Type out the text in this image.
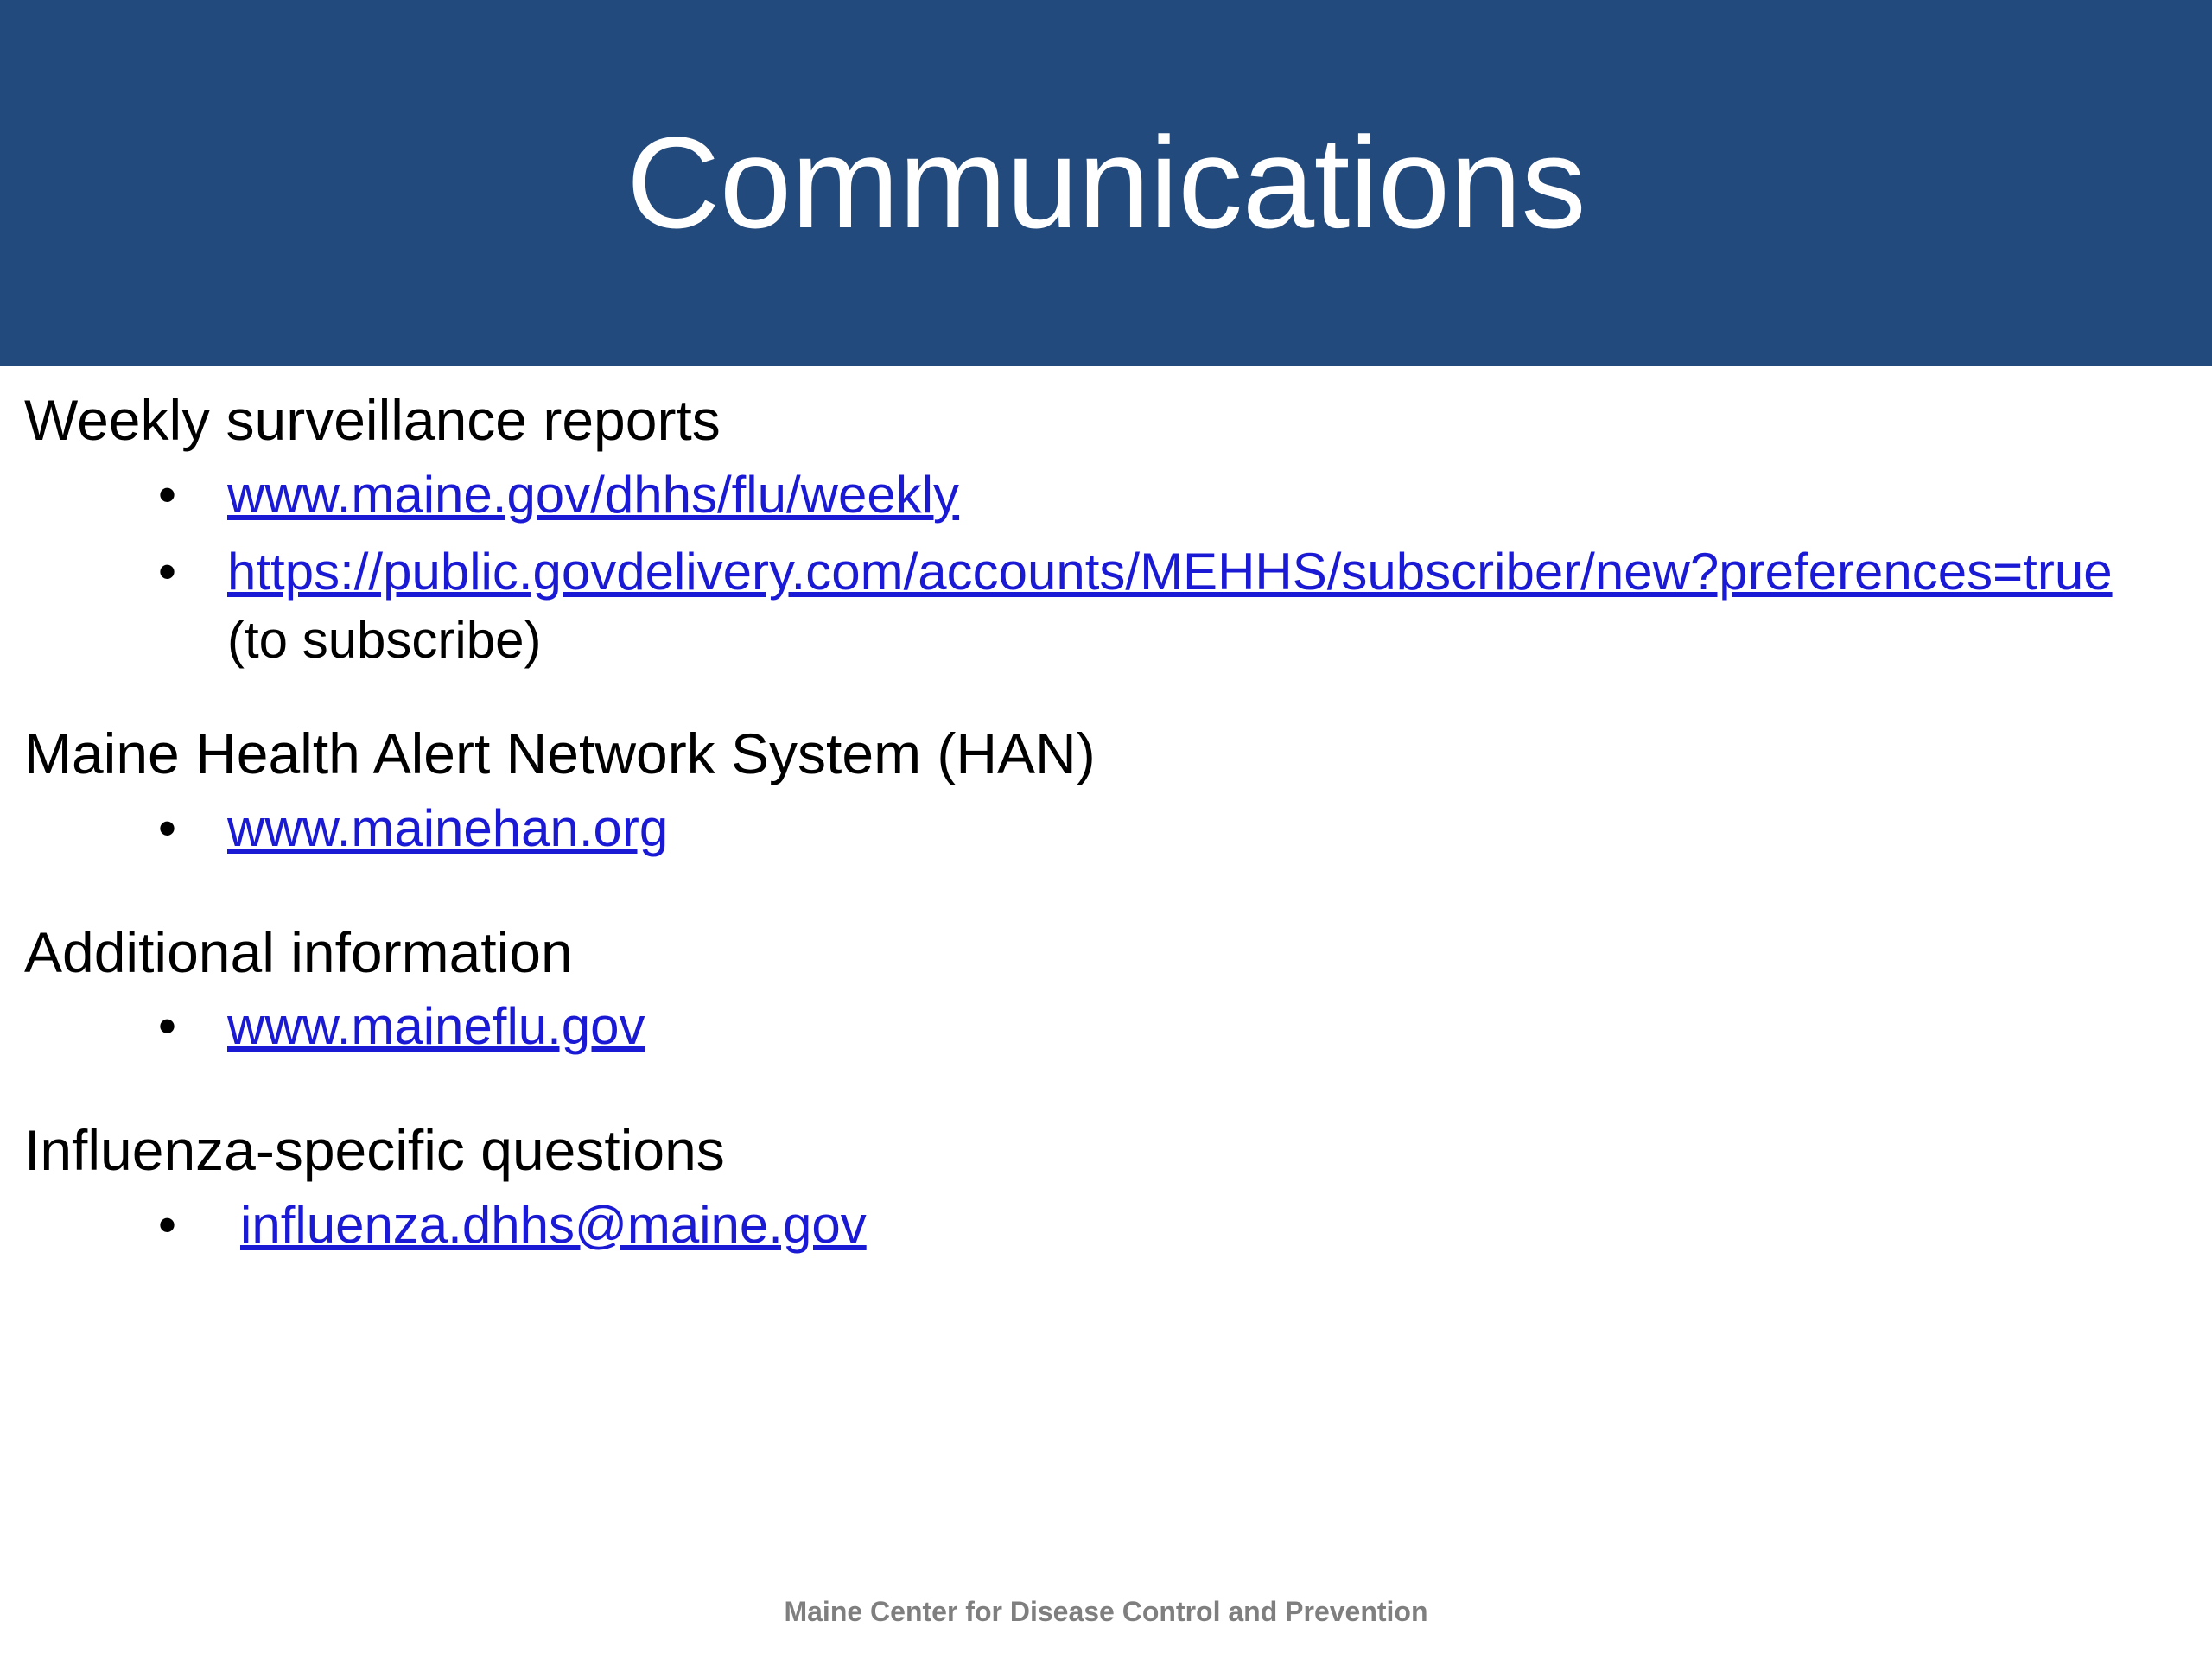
Communications
Weekly surveillance reports
• www.maine.gov/dhhs/flu/weekly
• https://public.govdelivery.com/accounts/MEHHS/subscriber/new?preferences=true (to subscribe)
Maine Health Alert Network System (HAN)
• www.mainehan.org
Additional information
• www.maineflu.gov
Influenza-specific questions
• influenza.dhhs@maine.gov
Maine Center for Disease Control and Prevention
